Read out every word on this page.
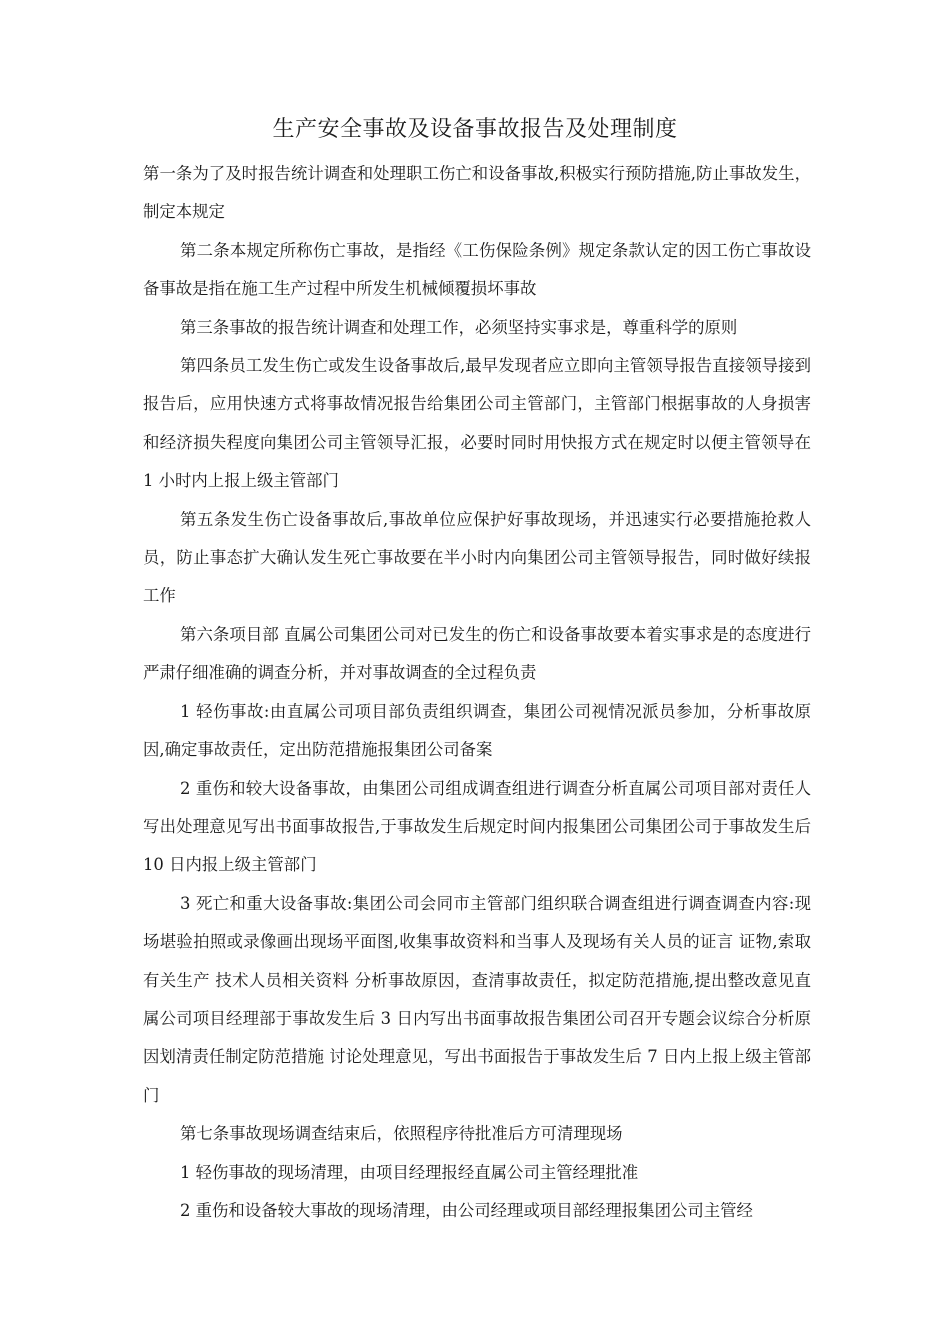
生产安全事故及设备事故报告及处理制度

第一条为了及时报告统计调查和处理职工伤亡和设备事故,积极实行预防措施,防止事故发生，制定本规定

第二条本规定所称伤亡事故，是指经《工伤保险条例》规定条款认定的因工伤亡事故设备事故是指在施工生产过程中所发生机械倾覆损坏事故

第三条事故的报告统计调查和处理工作，必须坚持实事求是，尊重科学的原则

第四条员工发生伤亡或发生设备事故后,最早发现者应立即向主管领导报告直接领导接到报告后，应用快速方式将事故情况报告给集团公司主管部门，主管部门根据事故的人身损害和经济损失程度向集团公司主管领导汇报，必要时同时用快报方式在规定时以便主管领导在 1 小时内上报上级主管部门

第五条发生伤亡设备事故后,事故单位应保护好事故现场，并迅速实行必要措施抢救人员，防止事态扩大确认发生死亡事故要在半小时内向集团公司主管领导报告，同时做好续报工作

第六条项目部 直属公司集团公司对已发生的伤亡和设备事故要本着实事求是的态度进行严肃仔细准确的调查分析，并对事故调查的全过程负责

1 轻伤事故:由直属公司项目部负责组织调查，集团公司视情况派员参加，分析事故原因,确定事故责任，定出防范措施报集团公司备案

2 重伤和较大设备事故，由集团公司组成调查组进行调查分析直属公司项目部对责任人写出处理意见写出书面事故报告,于事故发生后规定时间内报集团公司集团公司于事故发生后 10 日内报上级主管部门

3 死亡和重大设备事故:集团公司会同市主管部门组织联合调查组进行调查调查内容:现场堪验拍照或录像画出现场平面图,收集事故资料和当事人及现场有关人员的证言 证物,索取有关生产 技术人员相关资料 分析事故原因，查清事故责任，拟定防范措施,提出整改意见直属公司项目经理部于事故发生后 3 日内写出书面事故报告集团公司召开专题会议综合分析原因划清责任制定防范措施 讨论处理意见，写出书面报告于事故发生后 7 日内上报上级主管部门

第七条事故现场调查结束后，依照程序待批准后方可清理现场

1 轻伤事故的现场清理，由项目经理报经直属公司主管经理批准

2 重伤和设备较大事故的现场清理，由公司经理或项目部经理报集团公司主管经
